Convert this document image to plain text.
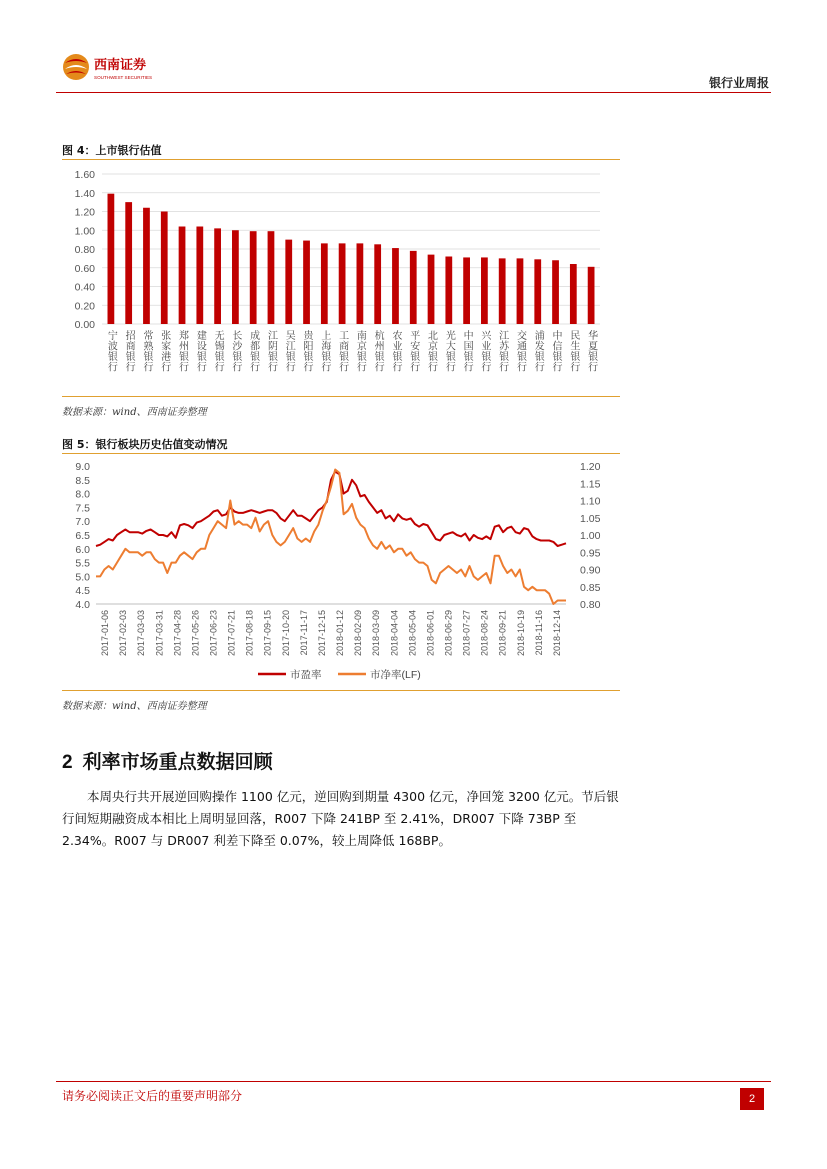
西南证券
SOUTHWEST SECURITIES	银行业周报
图 4：上市银行估值
1.60
1.40
1.20
1.00
0.80
0.60
0.40
0.20
0.00
宁波银行 招商银行 常熟银行 张家港行 郑州银行 建设银行 无锡银行 长沙银行 成都银行 江阴银行 吴江银行 贵阳银行 上海银行 工商银行 南京银行 杭州银行 农业银行 平安银行 北京银行 光大银行 中国银行 兴业银行 江苏银行 交通银行 浦发银行 中信银行 民生银行 华夏银行
数据来源：wind、西南证券整理
图 5：银行板块历史估值变动情况
9.0
8.5
8.0
7.5
7.0
6.5
6.0
5.5
5.0
4.5
4.0
1.20
1.15
1.10
1.05
1.00
0.95
0.90
0.85
0.80
2017-01-06 2017-02-03 2017-03-03 2017-03-31 2017-04-28 2017-05-26 2017-06-23 2017-07-21 2017-08-18 2017-09-15 2017-10-20 2017-11-17 2017-12-15 2018-01-12 2018-02-09 2018-03-09 2018-04-04 2018-05-04 2018-06-01 2018-06-29 2018-07-27 2018-08-24 2018-09-21 2018-10-19 2018-11-16 2018-12-14
市盈率	市净率(LF)
数据来源：wind、西南证券整理
2 利率市场重点数据回顾
本周央行共开展逆回购操作 1100 亿元，逆回购到期量 4300 亿元，净回笼 3200 亿元。节后银行间短期融资成本相比上周明显回落，R007 下降 241BP 至 2.41%，DR007 下降 73BP 至 2.34%。R007 与 DR007 利差下降至 0.07%，较上周降低 168BP。
请务必阅读正文后的重要声明部分	2
